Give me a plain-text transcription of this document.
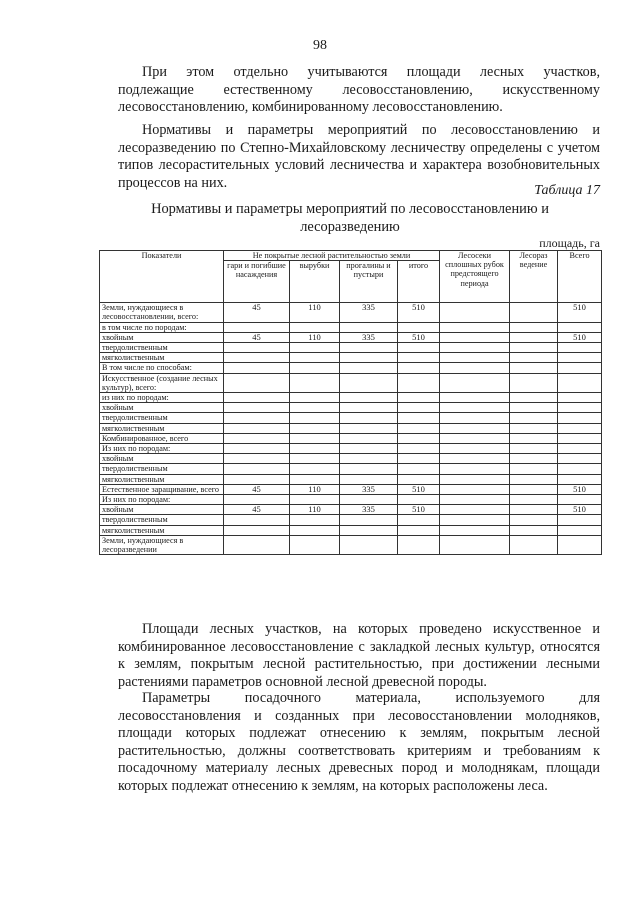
98
При этом отдельно учитываются площади лесных участков,
подлежащие естественному лесовосстановлению, искусственному
лесовосстановлению, комбинированному лесовосстановлению.
Нормативы и параметры мероприятий по лесовосстановлению и
лесоразведению по Степно-Михайловскому лесничеству определены с учетом
типов лесорастительных условий лесничества и характера возобновительных
процессов на них.	Таблица 17
Нормативы и параметры мероприятий по лесовосстановлению и
лесоразведению
площадь, га
Показатели	Не покрытые лесной растительностью земли				Лесосеки сплошных рубок предстоящего периода	Лесораз ведение	Всего
	гари и погибшие насаждения	вырубки	прогалины и пустыри	итого			
Земли, нуждающиеся в лесовосстановлении, всего:	45	110	335	510			510
в том числе по породам:							
хвойным	45	110	335	510			510
твердолиственным							
мягколиственным							
В том числе по способам:							
Искусственное (создание лесных культур), всего:							
из них по породам:							
хвойным							
твердолиственным							
мягколиственным							
Комбинированное, всего							
Из них по породам:							
хвойным							
твердолиственным							
мягколиственным							
Естественное заращивание, всего	45	110	335	510			510
Из них по породам:							
хвойным	45	110	335	510			510
твердолиственным							
мягколиственным							
Земли, нуждающиеся в лесоразведении							
Площади лесных участков, на которых проведено искусственное и
комбинированное лесовосстановление с закладкой лесных культур, относятся
к землям, покрытым лесной растительностью, при достижении лесными
растениями параметров основной лесной древесной породы.
Параметры посадочного материала, используемого для
лесовосстановления и созданных при лесовосстановлении молодняков,
площади которых подлежат отнесению к землям, покрытым лесной
растительностью, должны соответствовать критериям и требованиям к
посадочному материалу лесных древесных пород и молоднякам, площади
которых подлежат отнесению к землям, на которых расположены леса.
